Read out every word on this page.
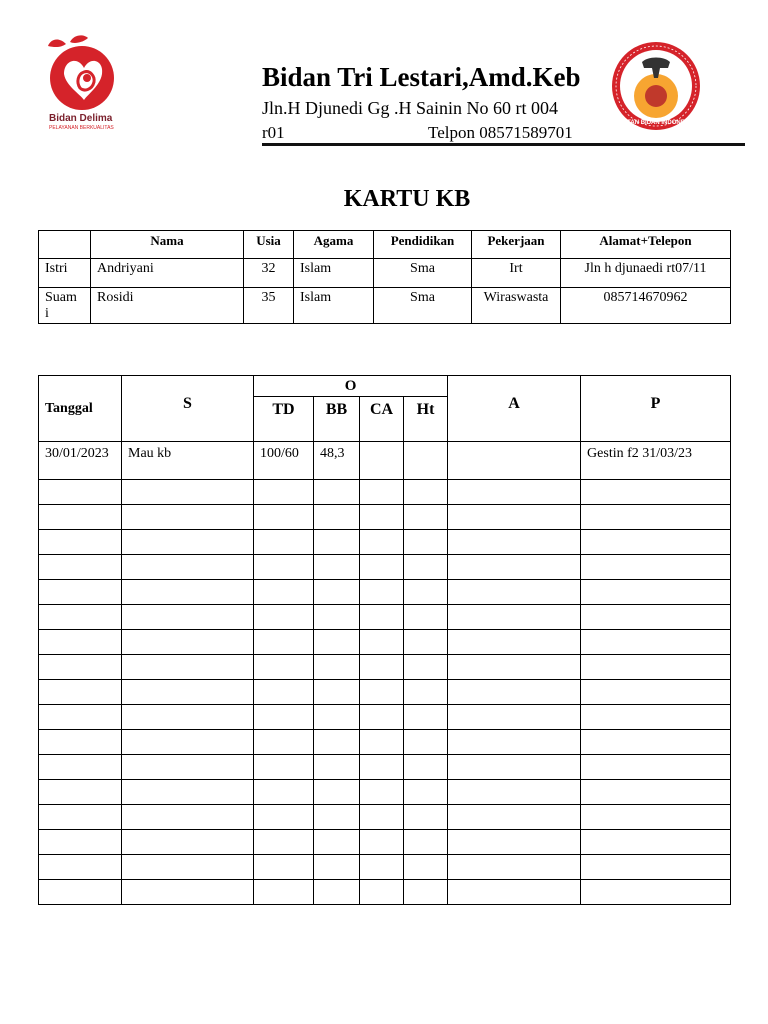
Bidan Delima
PELAYANAN BERKUALITAS
Bidan Tri Lestari,Amd.Keb
Jln.H Djunedi Gg .H Sainin No 60 rt 004
r01	Telpon 08571589701	IKATAN BIDAN INDONESIA
KARTU KB
	Nama	Usia	Agama	Pendidikan	Pekerjaan	Alamat+Telepon
Istri	Andriyani	32	Islam	Sma	Irt	Jln h djunaedi rt07/11
Suam i	Rosidi	35	Islam	Sma	Wiraswasta	085714670962
Tanggal	S	O				A	P
		TD	BB	CA	Ht		
30/01/2023	Mau kb	100/60	48,3				Gestin f2 31/03/23
